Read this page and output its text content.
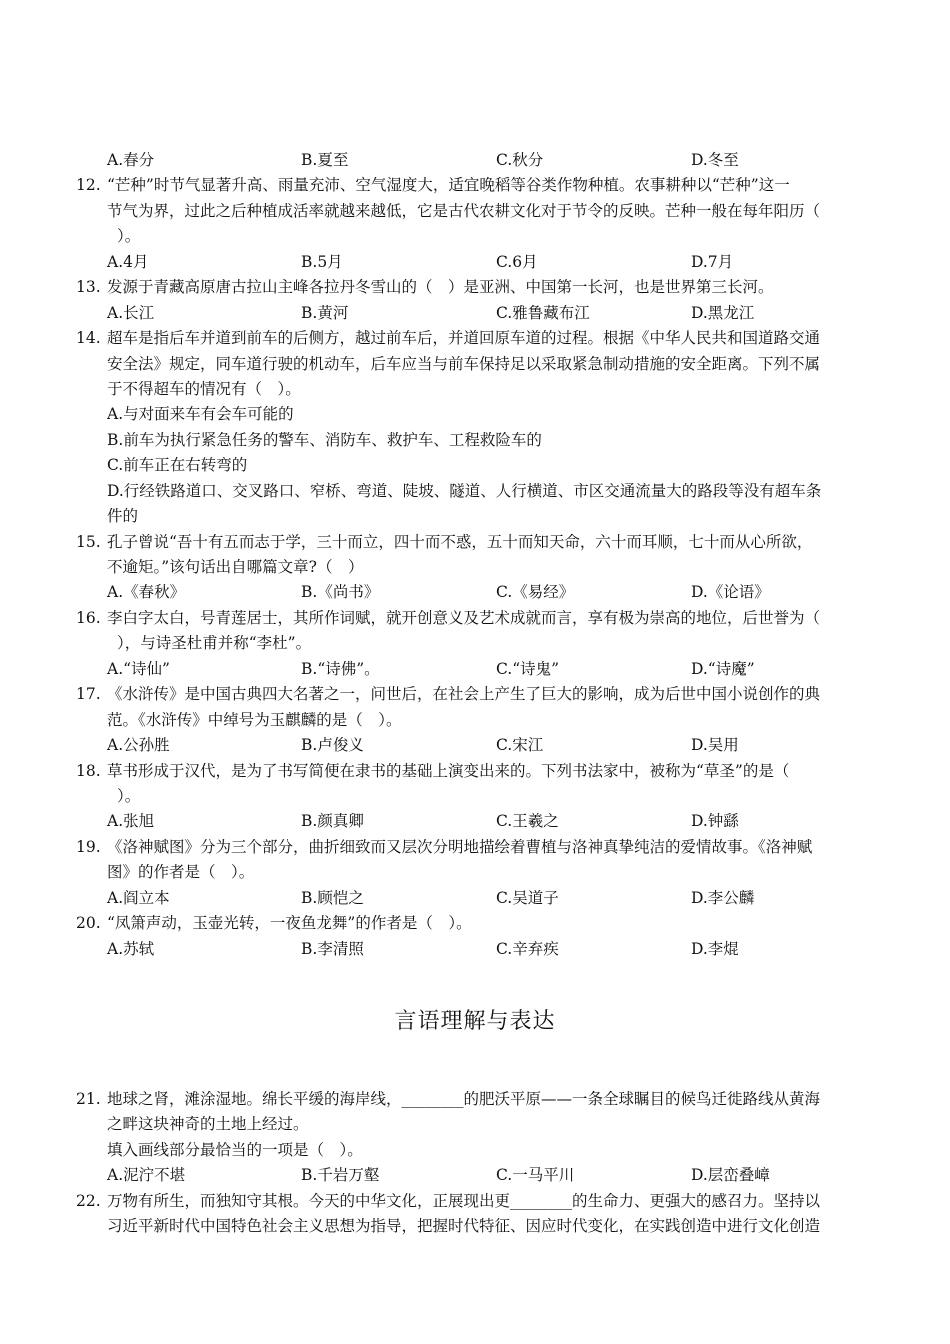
A.春分	B.夏至	C.秋分	D.冬至
12. “芒种”时节气显著升高、雨量充沛、空气湿度大，适宜晚稻等谷类作物种植。农事耕种以“芒种”这一
节气为界，过此之后种植成活率就越来越低，它是古代农耕文化对于节令的反映。芒种一般在每年阳历（
）。
A.4月	B.5月	C.6月	D.7月
13. 发源于青藏高原唐古拉山主峰各拉丹冬雪山的（　）是亚洲、中国第一长河，也是世界第三长河。
A.长江	B.黄河	C.雅鲁藏布江	D.黑龙江
14. 超车是指后车并道到前车的后侧方，越过前车后，并道回原车道的过程。根据《中华人民共和国道路交通
安全法》规定，同车道行驶的机动车，后车应当与前车保持足以采取紧急制动措施的安全距离。下列不属
于不得超车的情况有（　）。
A.与对面来车有会车可能的
B.前车为执行紧急任务的警车、消防车、救护车、工程救险车的
C.前车正在右转弯的
D.行经铁路道口、交叉路口、窄桥、弯道、陡坡、隧道、人行横道、市区交通流量大的路段等没有超车条
件的
15. 孔子曾说“吾十有五而志于学，三十而立，四十而不惑，五十而知天命，六十而耳顺，七十而从心所欲，
不逾矩。”该句话出自哪篇文章?（　）
A.《春秋》	B.《尚书》	C.《易经》	D.《论语》
16. 李白字太白，号青莲居士，其所作词赋，就开创意义及艺术成就而言，享有极为崇高的地位，后世誉为（
），与诗圣杜甫并称“李杜”。
A.“诗仙”	B.“诗佛”。	C.“诗鬼”	D.“诗魔”
17. 《水浒传》是中国古典四大名著之一，问世后，在社会上产生了巨大的影响，成为后世中国小说创作的典
范。《水浒传》中绰号为玉麒麟的是（　）。
A.公孙胜	B.卢俊义	C.宋江	D.吴用
18. 草书形成于汉代，是为了书写简便在隶书的基础上演变出来的。下列书法家中，被称为“草圣”的是（
）。
A.张旭	B.颜真卿	C.王羲之	D.钟繇
19. 《洛神赋图》分为三个部分，曲折细致而又层次分明地描绘着曹植与洛神真挚纯洁的爱情故事。《洛神赋
图》的作者是（　）。
A.阎立本	B.顾恺之	C.吴道子	D.李公麟
20. “凤箫声动，玉壶光转，一夜鱼龙舞”的作者是（　）。
A.苏轼	B.李清照	C.辛弃疾	D.李焜
言语理解与表达
21. 地球之肾，滩涂湿地。绵长平缓的海岸线，________的肥沃平原——一条全球瞩目的候鸟迁徙路线从黄海
之畔这块神奇的土地上经过。
填入画线部分最恰当的一项是（　）。
A.泥泞不堪	B.千岩万壑	C.一马平川	D.层峦叠嶂
22. 万物有所生，而独知守其根。今天的中华文化，正展现出更________的生命力、更强大的感召力。坚持以
习近平新时代中国特色社会主义思想为指导，把握时代特征、因应时代变化，在实践创造中进行文化创造
